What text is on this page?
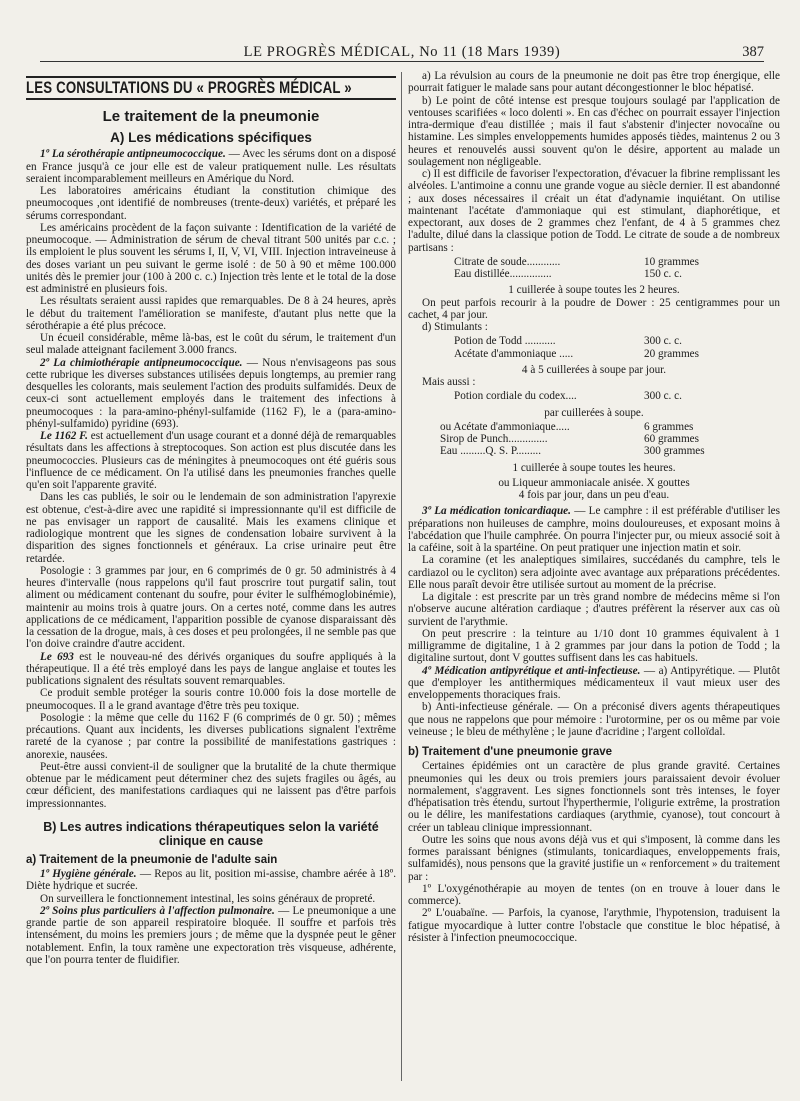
LE PROGRÈS MÉDICAL, No 11 (18 Mars 1939)	387
LES CONSULTATIONS DU « PROGRÈS MÉDICAL »
Le traitement de la pneumonie
A) Les médications spécifiques

1º La sérothérapie antipneumococcique. — Avec les sérums dont on a disposé en France jusqu'à ce jour elle est de valeur pratiquement nulle. Les résultats seraient incomparablement meilleurs en Amérique du Nord.

Les laboratoires américains étudiant la constitution chimique des pneumocoques ,ont identifié de nombreuses (trente-deux) variétés, et préparé les sérums correspondant.

Les américains procèdent de la façon suivante : Identification de la variété de pneumocoque. — Administration de sérum de cheval titrant 500 unités par c.c. ; ils emploient le plus souvent les sérums I, II, V, VI, VIII. Injection intraveineuse à des doses variant un peu suivant le germe isolé : de 50 à 90 et même 100.000 unités dès le premier jour (100 à 200 c. c.) Injection très lente et le total de la dose est administré en plusieurs fois.

Les résultats seraient aussi rapides que remarquables. De 8 à 24 heures, après le début du traitement l'amélioration se manifeste, d'autant plus nette que la sérothérapie a été plus précoce.

Un écueil considérable, même là-bas, est le coût du sérum, le traitement d'un seul malade atteignant facilement 3.000 francs.

2º La chimiothérapie antipneumococcique. — Nous n'envisageons pas sous cette rubrique les diverses substances utilisées depuis longtemps, au premier rang desquelles les colorants, mais seulement l'action des produits sulfamidés. Deux de ceux-ci sont actuellement employés dans le traitement des infections à pneumocoques : la para-amino-phényl-sulfamide (1162 F), le a (para-amino-phényl-sulfamido) pyridine (693).

Le 1162 F. est actuellement d'un usage courant et a donné déjà de remarquables résultats dans les affections à streptocoques. Son action est plus discutée dans les pneumococcies. Plusieurs cas de méningites à pneumocoques ont été guéris sous l'influence de ce médicament. On l'a utilisé dans les pneumonies franches quelle qu'en soit l'apparente gravité.

Dans les cas publiés, le soir ou le lendemain de son administration l'apyrexie est obtenue, c'est-à-dire avec une rapidité si impressionnante qu'il est difficile de ne pas envisager un rapport de causalité. Mais les examens clinique et radiologique montrent que les signes de condensation lobaire survivent à la disparition des signes fonctionnels et généraux. La crise urinaire peut être retardée.

Posologie : 3 grammes par jour, en 6 comprimés de 0 gr. 50 administrés à 4 heures d'intervalle (nous rappelons qu'il faut proscrire tout purgatif salin, tout aliment ou médicament contenant du soufre, pour éviter le sulfhémoglobinémie), maintenir au moins trois à quatre jours. On a certes noté, comme dans les autres applications de ce médicament, l'apparition possible de cyanose disparaissant dès la cessation de la drogue, mais, à ces doses et peu prolongées, il ne semble pas que l'on doive craindre d'autre accident.

Le 693 est le nouveau-né des dérivés organiques du soufre appliqués à la thérapeutique. Il a été très employé dans les pays de langue anglaise et toutes les publications signalent des résultats souvent remarquables.

Ce produit semble protéger la souris contre 10.000 fois la dose mortelle de pneumocoques. Il a le grand avantage d'être très peu toxique.

Posologie : la même que celle du 1162 F (6 comprimés de 0 gr. 50) ; mêmes précautions. Quant aux incidents, les diverses publications signalent l'extrême rareté de la cyanose ; par contre la possibilité de manifestations gastriques : anorexie, nausées.

Peut-être aussi convient-il de souligner que la brutalité de la chute thermique obtenue par le médicament peut déterminer chez des sujets fragiles ou âgés, au cœur déficient, des manifestations cardiaques qui ne laissent pas d'être parfois impressionnantes.

B) Les autres indications thérapeutiques selon la variété clinique en cause
a) Traitement de la pneumonie de l'adulte sain

1º Hygiène générale. — Repos au lit, position mi-assise, chambre aérée à 18º. Diète hydrique et sucrée.

On surveillera le fonctionnement intestinal, les soins généraux de propreté.

2º Soins plus particuliers à l'affection pulmonaire. — Le pneumonique a une grande partie de son appareil respiratoire bloquée. Il souffre et parfois très intensément, du moins les premiers jours ; de même que la dyspnée peut le gêner notablement. Enfin, la toux ramène une expectoration très visqueuse, adhérente, que l'on pourra tenter de fluidifier.

a) La révulsion au cours de la pneumonie ne doit pas être trop énergique, elle pourrait fatiguer le malade sans pour autant décongestionner le bloc hépatisé.

b) Le point de côté intense est presque toujours soulagé par l'application de ventouses scarifiées « loco dolenti ». En cas d'échec on pourrait essayer l'injection intra-dermique d'eau distillée ; mais il faut s'abstenir d'injecter novocaïne ou histamine. Les simples enveloppements humides apposés tièdes, maintenus 2 ou 3 heures et renouvelés aussi souvent qu'on le désire, apportent au malade un soulagement non négligeable.

c) Il est difficile de favoriser l'expectoration, d'évacuer la fibrine remplissant les alvéoles. L'antimoine a connu une grande vogue au siècle dernier. Il est abandonné ; aux doses nécessaires il créait un état d'adynamie inquiétant. On utilise maintenant l'acétate d'ammoniaque qui est stimulant, diaphorétique, et expectorant, aux doses de 2 grammes chez l'enfant, de 4 à 5 grammes chez l'adulte, dilué dans la classique potion de Todd. Le citrate de soude a de nombreux partisans :

Citrate de soude............	10 grammes
Eau distillée...............	150 c. c.

1 cuillerée à soupe toutes les 2 heures.

On peut parfois recourir à la poudre de Dower : 25 centigrammes pour un cachet, 4 par jour.

d) Stimulants :

Potion de Todd ...........	300 c. c.
Acétate d'ammoniaque .....	20 grammes

4 à 5 cuillerées à soupe par jour.

Mais aussi :

Potion cordiale du codex....	300 c. c.

par cuillerées à soupe.

ou Acétate d'ammoniaque.....	6 grammes
Sirop de Punch..............	60 grammes
Eau .........Q. S. P.........	300 grammes

1 cuillerée à soupe toutes les heures.

ou Liqueur ammoniacale anisée. X gouttes

4 fois par jour, dans un peu d'eau.

3º La médication tonicardiaque. — Le camphre : il est préférable d'utiliser les préparations non huileuses de camphre, moins douloureuses, et exposant moins à l'abcédation que l'huile camphrée. On pourra l'injecter pur, ou mieux associé soit à la caféine, soit à la spartéine. On peut pratiquer une injection matin et soir.

La coramine (et les analeptiques similaires, succédanés du camphre, tels le cardiazol ou le cycliton) sera adjointe avec avantage aux préparations précédentes. Elle nous paraît devoir être utilisée surtout au moment de la précrise.

La digitale : est prescrite par un très grand nombre de médecins même si l'on n'observe aucune altération cardiaque ; d'autres préfèrent la réserver aux cas où survient de l'arythmie.

On peut prescrire : la teinture au 1/10 dont 10 grammes équivalent à 1 milligramme de digitaline, 1 à 2 grammes par jour dans la potion de Todd ; la digitaline surtout, dont V gouttes suffisent dans les cas habituels.

4º Médication antipyrétique et anti-infectieuse. — a) Antipyrétique. — Plutôt que d'employer les antithermiques médicamenteux il vaut mieux user des enveloppements thoraciques frais.

b) Anti-infectieuse générale. — On a préconisé divers agents thérapeutiques que nous ne rappelons que pour mémoire : l'urotormine, per os ou même par voie veineuse ; le bleu de méthylène ; le jaune d'acridine ; l'argent colloïdal.

b) Traitement d'une pneumonie grave

Certaines épidémies ont un caractère de plus grande gravité. Certaines pneumonies qui les deux ou trois premiers jours paraissaient devoir évoluer normalement, s'aggravent. Les signes fonctionnels sont très intenses, le foyer d'hépatisation très étendu, surtout l'hyperthermie, l'oligurie extrême, la prostration ou le délire, les manifestations cardiaques (arythmie, cyanose), tout concourt à créer un tableau clinique impressionnant.

Outre les soins que nous avons déjà vus et qui s'imposent, là comme dans les formes paraissant bénignes (stimulants, tonicardiaques, enveloppements frais, sulfamidés), nous pensons que la gravité justifie un « renforcement » du traitement par :

1º L'oxygénothérapie au moyen de tentes (on en trouve à louer dans le commerce).

2º L'ouabaïne. — Parfois, la cyanose, l'arythmie, l'hypotension, traduisent la fatigue myocardique à lutter contre l'obstacle que constitue le bloc hépatisé, à résister à l'infection pneumococcique.
